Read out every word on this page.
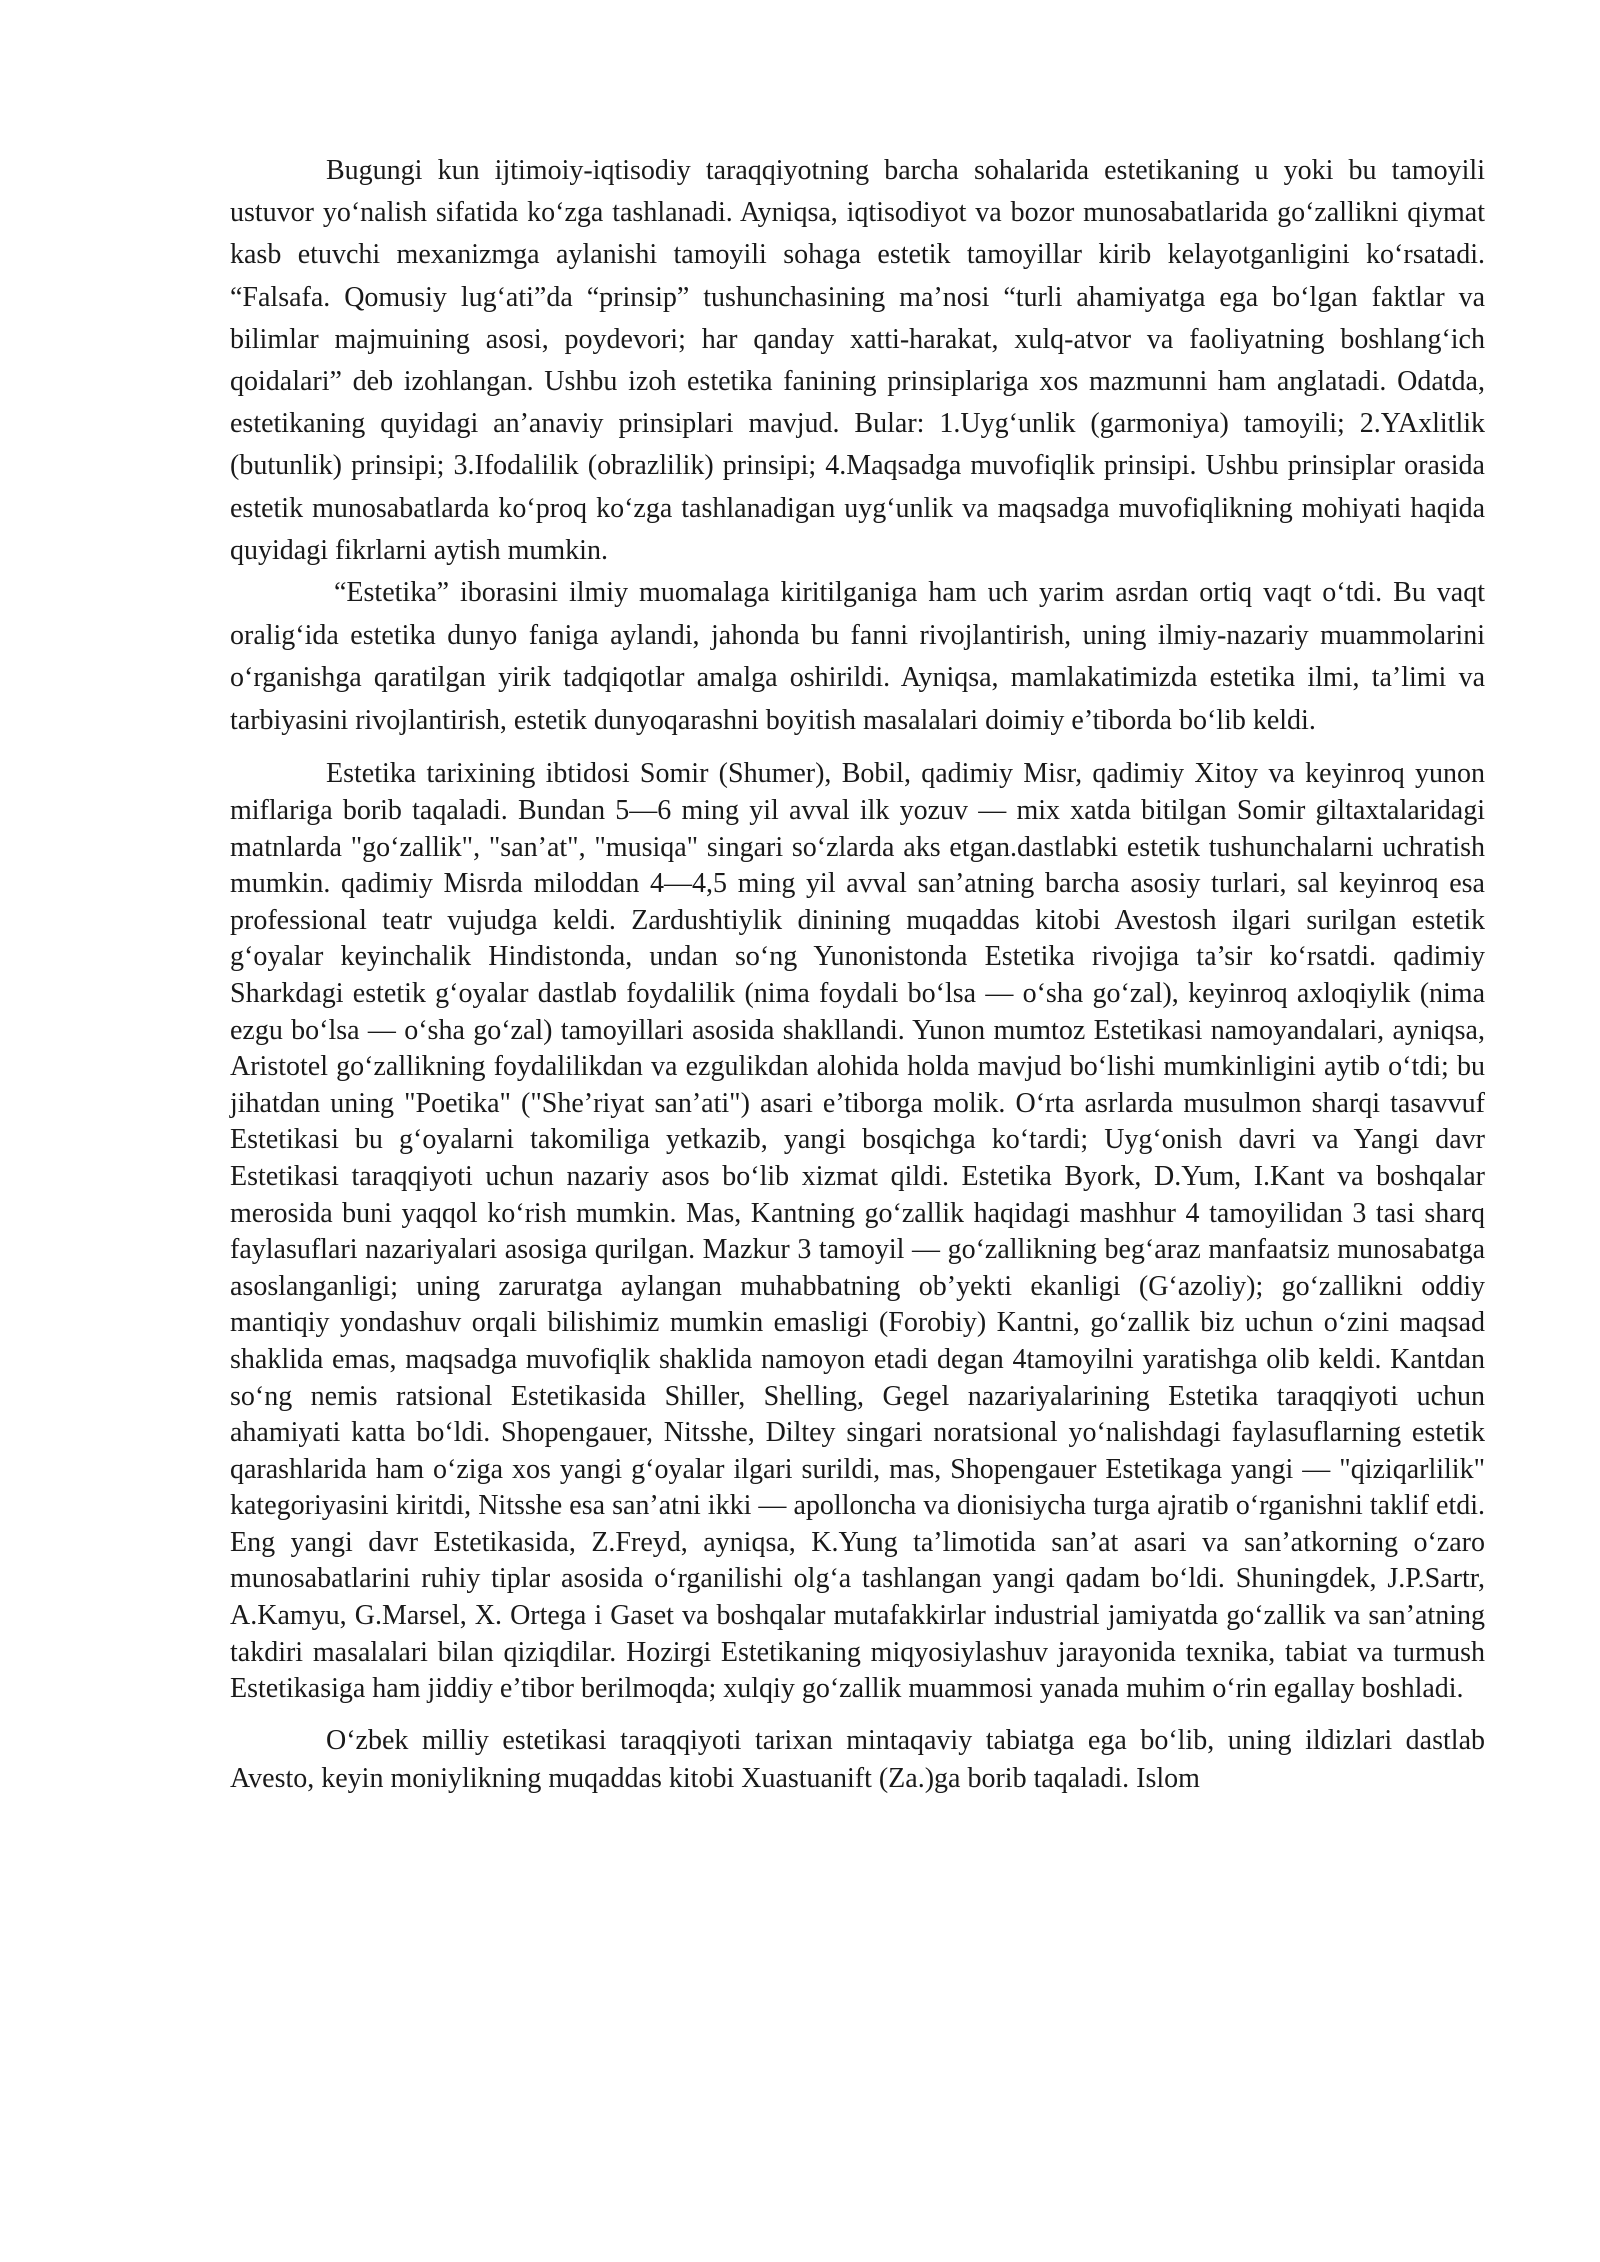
Bugungi kun ijtimoiy-iqtisodiy taraqqiyotning barcha sohalarida estetikaning u yoki bu tamoyili ustuvor yo‘nalish sifatida ko‘zga tashlanadi. Ayniqsa, iqtisodiyot va bozor munosabatlarida go‘zallikni qiymat kasb etuvchi mexanizmga aylanishi tamoyili sohaga estetik tamoyillar kirib kelayotganligini ko‘rsatadi. “Falsafa. Qomusiy lug‘ati”da “prinsip” tushunchasining ma’nosi “turli ahamiyatga ega bo‘lgan faktlar va bilimlar majmuining asosi, poydevori; har qanday xatti-harakat, xulq-atvor va faoliyatning boshlang‘ich qoidalari” deb izohlangan. Ushbu izoh estetika fanining prinsiplariga xos mazmunni ham anglatadi. Odatda, estetikaning quyidagi an’anaviy prinsiplari mavjud. Bular: 1.Uyg‘unlik (garmoniya) tamoyili; 2.YAxlitlik (butunlik) prinsipi; 3.Ifodalilik (obrazlilik) prinsipi; 4.Maqsadga muvofiqlik prinsipi. Ushbu prinsiplar orasida estetik munosabatlarda ko‘proq ko‘zga tashlanadigan uyg‘unlik va maqsadga muvofiqlikning mohiyati haqida quyidagi fikrlarni aytish mumkin.

“Estetika” iborasini ilmiy muomalaga kiritilganiga ham uch yarim asrdan ortiq vaqt o‘tdi. Bu vaqt oralig‘ida estetika dunyo faniga aylandi, jahonda bu fanni rivojlantirish, uning ilmiy-nazariy muammolarini o‘rganishga qaratilgan yirik tadqiqotlar amalga oshirildi. Ayniqsa, mamlakatimizda estetika ilmi, ta’limi va tarbiyasini rivojlantirish, estetik dunyoqarashni boyitish masalalari doimiy e’tiborda bo‘lib keldi.

Estetika tarixining ibtidosi Somir (Shumer), Bobil, qadimiy Misr, qadimiy Xitoy va keyinroq yunon miflariga borib taqaladi. Bundan 5—6 ming yil avval ilk yozuv — mix xatda bitilgan Somir giltaxtalaridagi matnlarda "go‘zallik", "san’at", "musiqa" singari so‘zlarda aks etgan.dastlabki estetik tushunchalarni uchratish mumkin. qadimiy Misrda miloddan 4—4,5 ming yil avval san’atning barcha asosiy turlari, sal keyinroq esa professional teatr vujudga keldi. Zardushtiylik dinining muqaddas kitobi Avestosh ilgari surilgan estetik g‘oyalar keyinchalik Hindistonda, undan so‘ng Yunonistonda Estetika rivojiga ta’sir ko‘rsatdi. qadimiy Sharkdagi estetik g‘oyalar dastlab foydalilik (nima foydali bo‘lsa — o‘sha go‘zal), keyinroq axloqiylik (nima ezgu bo‘lsa — o‘sha go‘zal) tamoyillari asosida shakllandi. Yunon mumtoz Estetikasi namoyandalari, ayniqsa, Aristotel go‘zallikning foydalilikdan va ezgulikdan alohida holda mavjud bo‘lishi mumkinligini aytib o‘tdi; bu jihatdan uning "Poetika" ("She’riyat san’ati") asari e’tiborga molik. O‘rta asrlarda musulmon sharqi tasavvuf Estetikasi bu g‘oyalarni takomiliga yetkazib, yangi bosqichga ko‘tardi; Uyg‘onish davri va Yangi davr Estetikasi taraqqiyoti uchun nazariy asos bo‘lib xizmat qildi. Estetika Byork, D.Yum, I.Kant va boshqalar merosida buni yaqqol ko‘rish mumkin. Mas, Kantning go‘zallik haqidagi mashhur 4 tamoyilidan 3 tasi sharq faylasuflari nazariyalari asosiga qurilgan. Mazkur 3 tamoyil — go‘zallikning beg‘araz manfaatsiz munosabatga asoslanganligi; uning zaruratga aylangan muhabbatning ob’yekti ekanligi (G‘azoliy); go‘zallikni oddiy mantiqiy yondashuv orqali bilishimiz mumkin emasligi (Forobiy) Kantni, go‘zallik biz uchun o‘zini maqsad shaklida emas, maqsadga muvofiqlik shaklida namoyon etadi degan 4tamoyilni yaratishga olib keldi. Kantdan so‘ng nemis ratsional Estetikasida Shiller, Shelling, Gegel nazariyalarining Estetika taraqqiyoti uchun ahamiyati katta bo‘ldi. Shopengauer, Nitsshe, Diltey singari noratsional yo‘nalishdagi faylasuflarning estetik qarashlarida ham o‘ziga xos yangi g‘oyalar ilgari surildi, mas, Shopengauer Estetikaga yangi — "qiziqarlilik" kategoriyasini kiritdi, Nitsshe esa san’atni ikki — apolloncha va dionisiycha turga ajratib o‘rganishni taklif etdi. Eng yangi davr Estetikasida, Z.Freyd, ayniqsa, K.Yung ta’limotida san’at asari va san’atkorning o‘zaro munosabatlarini ruhiy tiplar asosida o‘rganilishi olg‘a tashlangan yangi qadam bo‘ldi. Shuningdek, J.P.Sartr, A.Kamyu, G.Marsel, X. Ortega i Gaset va boshqalar mutafakkirlar industrial jamiyatda go‘zallik va san’atning takdiri masalalari bilan qiziqdilar. Hozirgi Estetikaning miqyosiylashuv jarayonida texnika, tabiat va turmush Estetikasiga ham jiddiy e’tibor berilmoqda; xulqiy go‘zallik muammosi yanada muhim o‘rin egallay boshladi.

O‘zbek milliy estetikasi taraqqiyoti tarixan mintaqaviy tabiatga ega bo‘lib, uning ildizlari dastlab Avesto, keyin moniylikning muqaddas kitobi Xuastuanift (Za.)ga borib taqaladi. Islom
